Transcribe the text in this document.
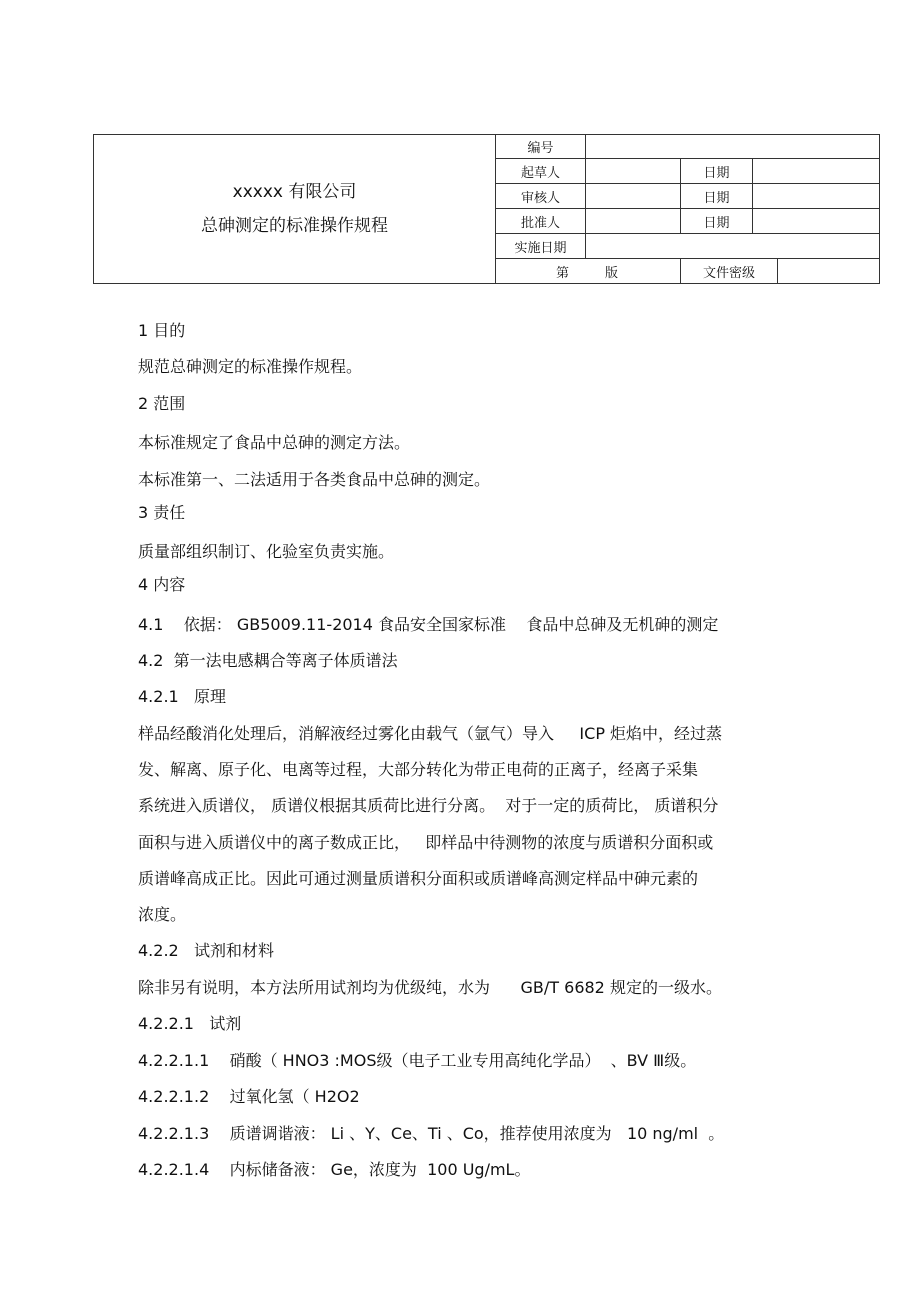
xxxxx 有限公司
总砷测定的标准操作规程	编号				
	起草人		日期		
	审核人		日期		
	批准人		日期		
	实施日期				
	第 版		文件密级		
1 目的
规范总砷测定的标准操作规程。
2 范围
本标准规定了食品中总砷的测定方法。
本标准第一、二法适用于各类食品中总砷的测定。
3 责任
质量部组织制订、化验室负责实施。
4 内容
4.1    依据： GB5009.11-2014 食品安全国家标准    食品中总砷及无机砷的测定
4.2  第一法电感耦合等离子体质谱法
4.2.1   原理
样品经酸消化处理后，消解液经过雾化由载气（氩气）导入     ICP 炬焰中，经过蒸
发、解离、原子化、电离等过程，大部分转化为带正电荷的正离子，经离子采集
系统进入质谱仪， 质谱仪根据其质荷比进行分离。  对于一定的质荷比， 质谱积分
面积与进入质谱仪中的离子数成正比，   即样品中待测物的浓度与质谱积分面积或
质谱峰高成正比。因此可通过测量质谱积分面积或质谱峰高测定样品中砷元素的
浓度。
4.2.2   试剂和材料
除非另有说明，本方法所用试剂均为优级纯，水为      GB/T 6682 规定的一级水。
4.2.2.1   试剂
4.2.2.1.1    硝酸（ HNO3 :MOS级（电子工业专用高纯化学品）  、BV Ⅲ级。
4.2.2.1.2    过氧化氢（ H2O2
4.2.2.1.3    质谱调谐液： Li 、Y、Ce、Ti 、Co，推荐使用浓度为   10 ng/ml  。
4.2.2.1.4    内标储备液： Ge，浓度为  100 Ug/mL。
